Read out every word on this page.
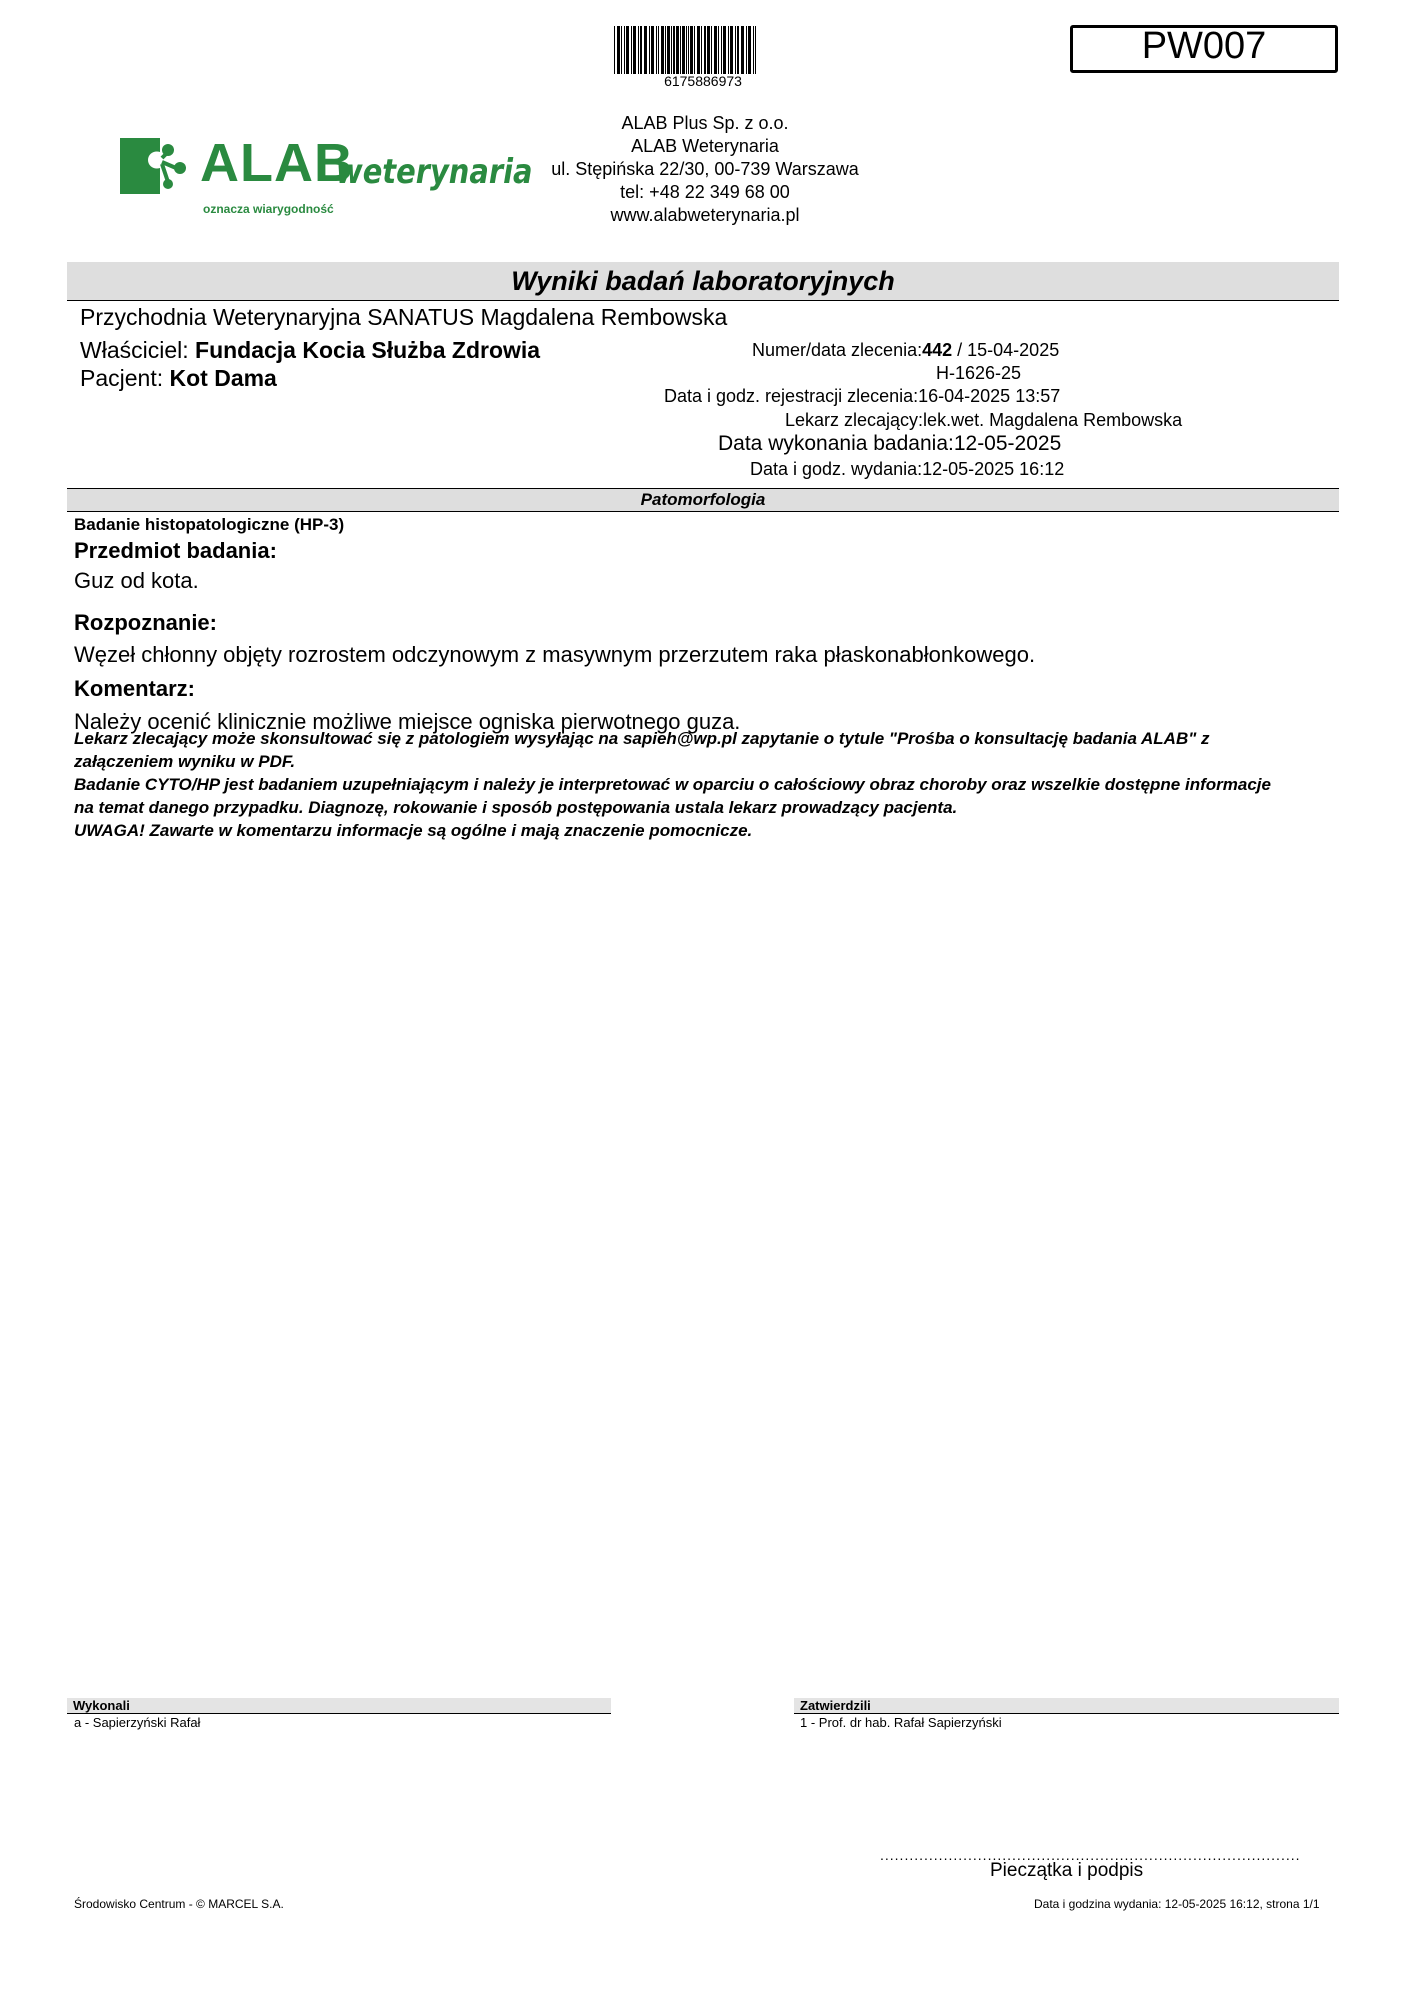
6175886973
PW007
ALAB
weterynaria
oznacza wiarygodność
ALAB Plus Sp. z o.o.
ALAB Weterynaria
ul. Stępińska 22/30, 00-739 Warszawa
tel: +48 22 349 68 00
www.alabweterynaria.pl
Wyniki badań laboratoryjnych
Przychodnia Weterynaryjna SANATUS Magdalena Rembowska
Właściciel: Fundacja Kocia Służba Zdrowia
Pacjent: Kot Dama
Numer/data zlecenia:442 / 15-04-2025
H-1626-25
Data i godz. rejestracji zlecenia:16-04-2025 13:57
Lekarz zlecający:lek.wet. Magdalena Rembowska
Data wykonania badania:12-05-2025
Data i godz. wydania:12-05-2025 16:12
Patomorfologia
Badanie histopatologiczne (HP-3)
Przedmiot badania:
Guz od kota.
Rozpoznanie:
Węzeł chłonny objęty rozrostem odczynowym z masywnym przerzutem raka płaskonabłonkowego.
Komentarz:
Należy ocenić klinicznie możliwe miejsce ogniska pierwotnego guza.
Lekarz zlecający może skonsultować się z patologiem wysyłając na sapieh@wp.pl zapytanie o tytule "Prośba o konsultację badania ALAB" z
załączeniem wyniku w PDF.
Badanie CYTO/HP jest badaniem uzupełniającym i należy je interpretować w oparciu o całościowy obraz choroby oraz wszelkie dostępne informacje
na temat danego przypadku. Diagnozę, rokowanie i sposób postępowania ustala lekarz prowadzący pacjenta.
UWAGA! Zawarte w komentarzu informacje są ogólne i mają znaczenie pomocnicze.
Wykonali
a - Sapierzyński Rafał
Zatwierdzili
1 - Prof. dr hab. Rafał Sapierzyński
......................................................................................
Pieczątka i podpis
Środowisko Centrum - © MARCEL S.A.	Data i godzina wydania: 12-05-2025 16:12, strona 1/1
